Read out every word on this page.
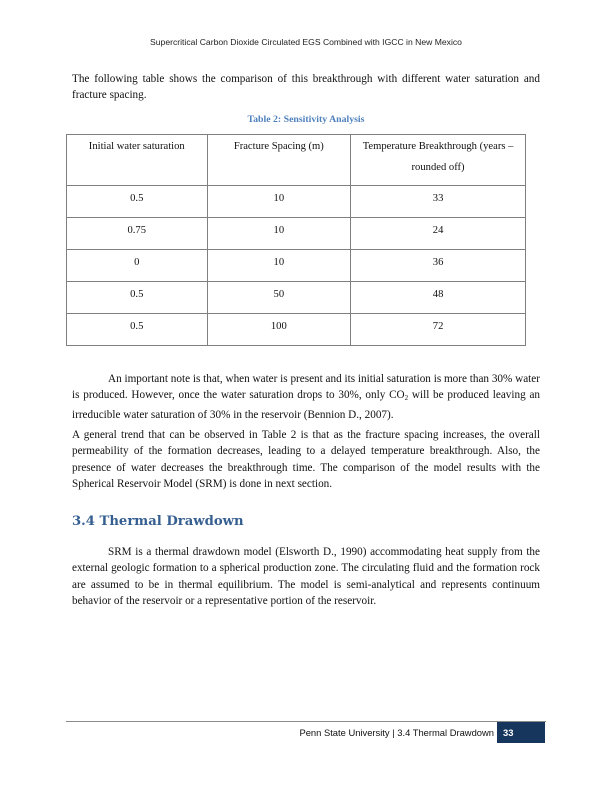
Supercritical Carbon Dioxide Circulated EGS Combined with IGCC in New Mexico

The following table shows the comparison of this breakthrough with different water saturation and fracture spacing.

Table 2: Sensitivity Analysis
Initial water saturation	Fracture Spacing (m)	Temperature Breakthrough (years – rounded off)
0.5	10	33
0.75	10	24
0	10	36
0.5	50	48
0.5	100	72

An important note is that, when water is present and its initial saturation is more than 30% water is produced. However, once the water saturation drops to 30%, only $CO_2$ will be produced leaving an irreducible water saturation of 30% in the reservoir (Bennion D., 2007).

A general trend that can be observed in Table 2 is that as the fracture spacing increases, the overall permeability of the formation decreases, leading to a delayed temperature breakthrough. Also, the presence of water decreases the breakthrough time. The comparison of the model results with the Spherical Reservoir Model (SRM) is done in next section.

3.4 Thermal Drawdown

SRM is a thermal drawdown model (Elsworth D., 1990) accommodating heat supply from the external geologic formation to a spherical production zone. The circulating fluid and the formation rock are assumed to be in thermal equilibrium. The model is semi-analytical and represents continuum behavior of the reservoir or a representative portion of the reservoir.

Penn State University | 3.4 Thermal Drawdown 33
